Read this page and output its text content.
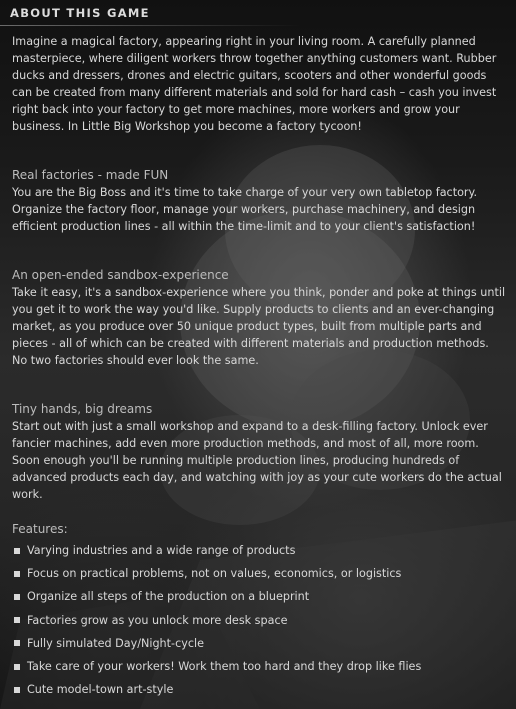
ABOUT THIS GAME

Imagine a magical factory, appearing right in your living room. A carefully planned masterpiece, where diligent workers throw together anything customers want. Rubber ducks and dressers, drones and electric guitars, scooters and other wonderful goods can be created from many different materials and sold for hard cash – cash you invest right back into your factory to get more machines, more workers and grow your business. In Little Big Workshop you become a factory tycoon!

Real factories - made FUN

You are the Big Boss and it's time to take charge of your very own tabletop factory. Organize the factory floor, manage your workers, purchase machinery, and design efficient production lines - all within the time-limit and to your client's satisfaction!

An open-ended sandbox-experience

Take it easy, it's a sandbox-experience where you think, ponder and poke at things until you get it to work the way you'd like. Supply products to clients and an ever-changing market, as you produce over 50 unique product types, built from multiple parts and pieces - all of which can be created with different materials and production methods. No two factories should ever look the same.

Tiny hands, big dreams

Start out with just a small workshop and expand to a desk-filling factory. Unlock ever fancier machines, add even more production methods, and most of all, more room. Soon enough you'll be running multiple production lines, producing hundreds of advanced products each day, and watching with joy as your cute workers do the actual work.

Features:
Varying industries and a wide range of products
Focus on practical problems, not on values, economics, or logistics
Organize all steps of the production on a blueprint
Factories grow as you unlock more desk space
Fully simulated Day/Night-cycle
Take care of your workers! Work them too hard and they drop like flies
Cute model-town art-style
